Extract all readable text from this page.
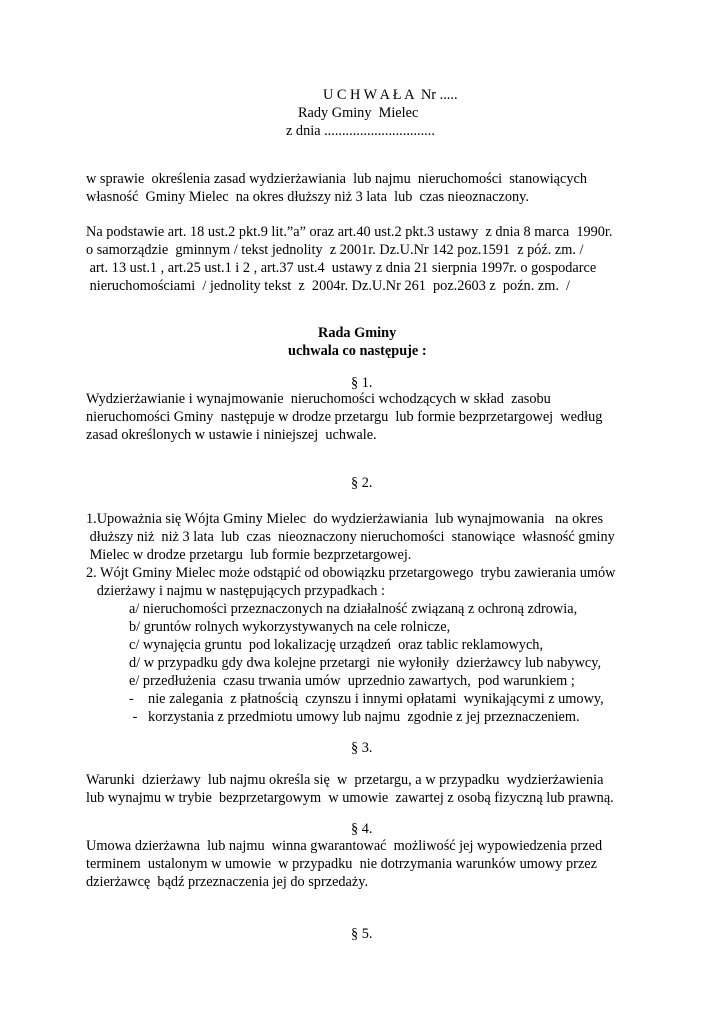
U C H W A Ł A  Nr .....
Rady Gminy  Mielec
z dnia ...............................
w sprawie  określenia zasad wydzierżawiania  lub najmu  nieruchomości  stanowiących
własność  Gminy Mielec  na okres dłuższy niż 3 lata  lub  czas nieoznaczony.
Na podstawie art. 18 ust.2 pkt.9 lit.”a” oraz art.40 ust.2 pkt.3 ustawy  z dnia 8 marca  1990r.
o samorządzie  gminnym / tekst jednolity  z 2001r. Dz.U.Nr 142 poz.1591  z póź. zm. /
art. 13 ust.1 , art.25 ust.1 i 2 , art.37 ust.4  ustawy z dnia 21 sierpnia 1997r. o gospodarce
nieruchomościami  / jednolity tekst  z  2004r. Dz.U.Nr 261  poz.2603 z  poźn. zm.  /
Rada Gminy
uchwala co następuje :
§ 1.
Wydzierżawianie i wynajmowanie  nieruchomości wchodzących w skład  zasobu
nieruchomości Gminy  następuje w drodze przetargu  lub formie bezprzetargowej  według
zasad określonych w ustawie i niniejszej  uchwale.
§ 2.
1.Upoważnia się Wójta Gminy Mielec  do wydzierżawiania  lub wynajmowania   na okres
dłuższy niż  niż 3 lata  lub  czas  nieoznaczony nieruchomości  stanowiące  własność gminy
Mielec w drodze przetargu  lub formie bezprzetargowej.
2. Wójt Gminy Mielec może odstąpić od obowiązku przetargowego  trybu zawierania umów
dzierżawy i najmu w następujących przypadkach :
a/ nieruchomości przeznaczonych na działalność związaną z ochroną zdrowia,
b/ gruntów rolnych wykorzystywanych na cele rolnicze,
c/ wynajęcia gruntu  pod lokalizację urządzeń  oraz tablic reklamowych,
d/ w przypadku gdy dwa kolejne przetargi  nie wyłoniły  dzierżawcy lub nabywcy,
e/ przedłużenia  czasu trwania umów  uprzednio zawartych,  pod warunkiem ;
-    nie zalegania  z płatnością  czynszu i innymi opłatami  wynikającymi z umowy,
-   korzystania z przedmiotu umowy lub najmu  zgodnie z jej przeznaczeniem.
§ 3.
Warunki  dzierżawy  lub najmu określa się  w  przetargu, a w przypadku  wydzierżawienia
lub wynajmu w trybie  bezprzetargowym  w umowie  zawartej z osobą fizyczną lub prawną.
§ 4.
Umowa dzierżawna  lub najmu  winna gwarantować  możliwość jej wypowiedzenia przed
terminem  ustalonym w umowie  w przypadku  nie dotrzymania warunków umowy przez
dzierżawcę  bądź przeznaczenia jej do sprzedaży.
§ 5.
